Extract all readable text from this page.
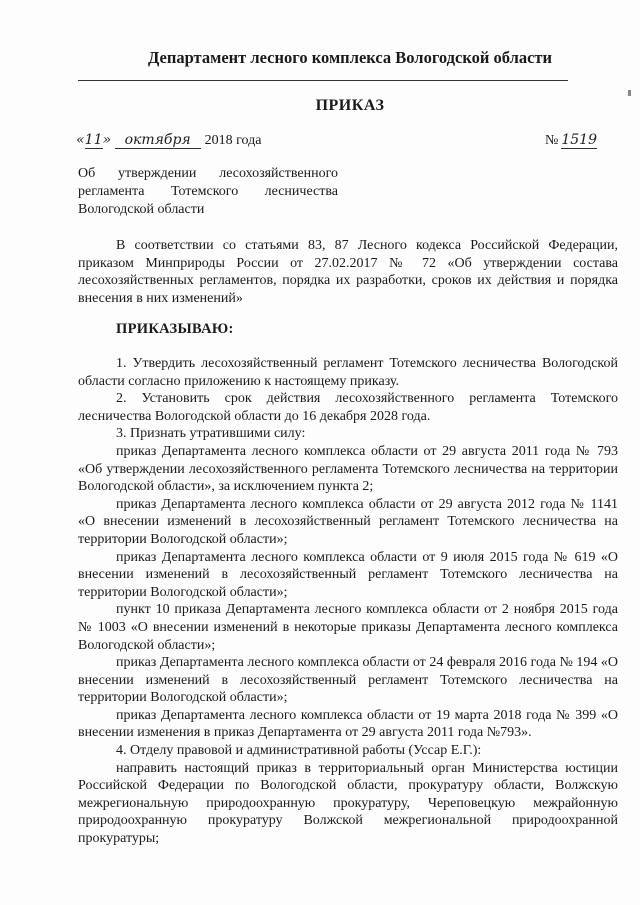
Департамент лесного комплекса Вологодской области
ПРИКАЗ
«11» октября 2018 года	№ 1519
Об утверждении лесохозяйственного
регламента Тотемского лесничества
Вологодской области
В соответствии со статьями 83, 87 Лесного кодекса Российской Федерации, приказом Минприроды России от 27.02.2017 № 72 «Об утверждении состава лесохозяйственных регламентов, порядка их разработки, сроков их действия и порядка внесения в них изменений»
ПРИКАЗЫВАЮ:

1. Утвердить лесохозяйственный регламент Тотемского лесничества Вологодской области согласно приложению к настоящему приказу.

2. Установить срок действия лесохозяйственного регламента Тотемского лесничества Вологодской области до 16 декабря 2028 года.

3. Признать утратившими силу:

приказ Департамента лесного комплекса области от 29 августа 2011 года № 793 «Об утверждении лесохозяйственного регламента Тотемского лесничества на территории Вологодской области», за исключением пункта 2;

приказ Департамента лесного комплекса области от 29 августа 2012 года № 1141 «О внесении изменений в лесохозяйственный регламент Тотемского лесничества на территории Вологодской области»;

приказ Департамента лесного комплекса области от 9 июля 2015 года № 619 «О внесении изменений в лесохозяйственный регламент Тотемского лесничества на территории Вологодской области»;

пункт 10 приказа Департамента лесного комплекса области от 2 ноября 2015 года № 1003 «О внесении изменений в некоторые приказы Департамента лесного комплекса Вологодской области»;

приказ Департамента лесного комплекса области от 24 февраля 2016 года № 194 «О внесении изменений в лесохозяйственный регламент Тотемского лесничества на территории Вологодской области»;

приказ Департамента лесного комплекса области от 19 марта 2018 года № 399 «О внесении изменения в приказ Департамента от 29 августа 2011 года №793».

4. Отделу правовой и административной работы (Уссар Е.Г.):

направить настоящий приказ в территориальный орган Министерства юстиции Российской Федерации по Вологодской области, прокуратуру области, Волжскую межрегиональную природоохранную прокуратуру, Череповецкую межрайонную природоохранную прокуратуру Волжской межрегиональной природоохранной прокуратуры;
